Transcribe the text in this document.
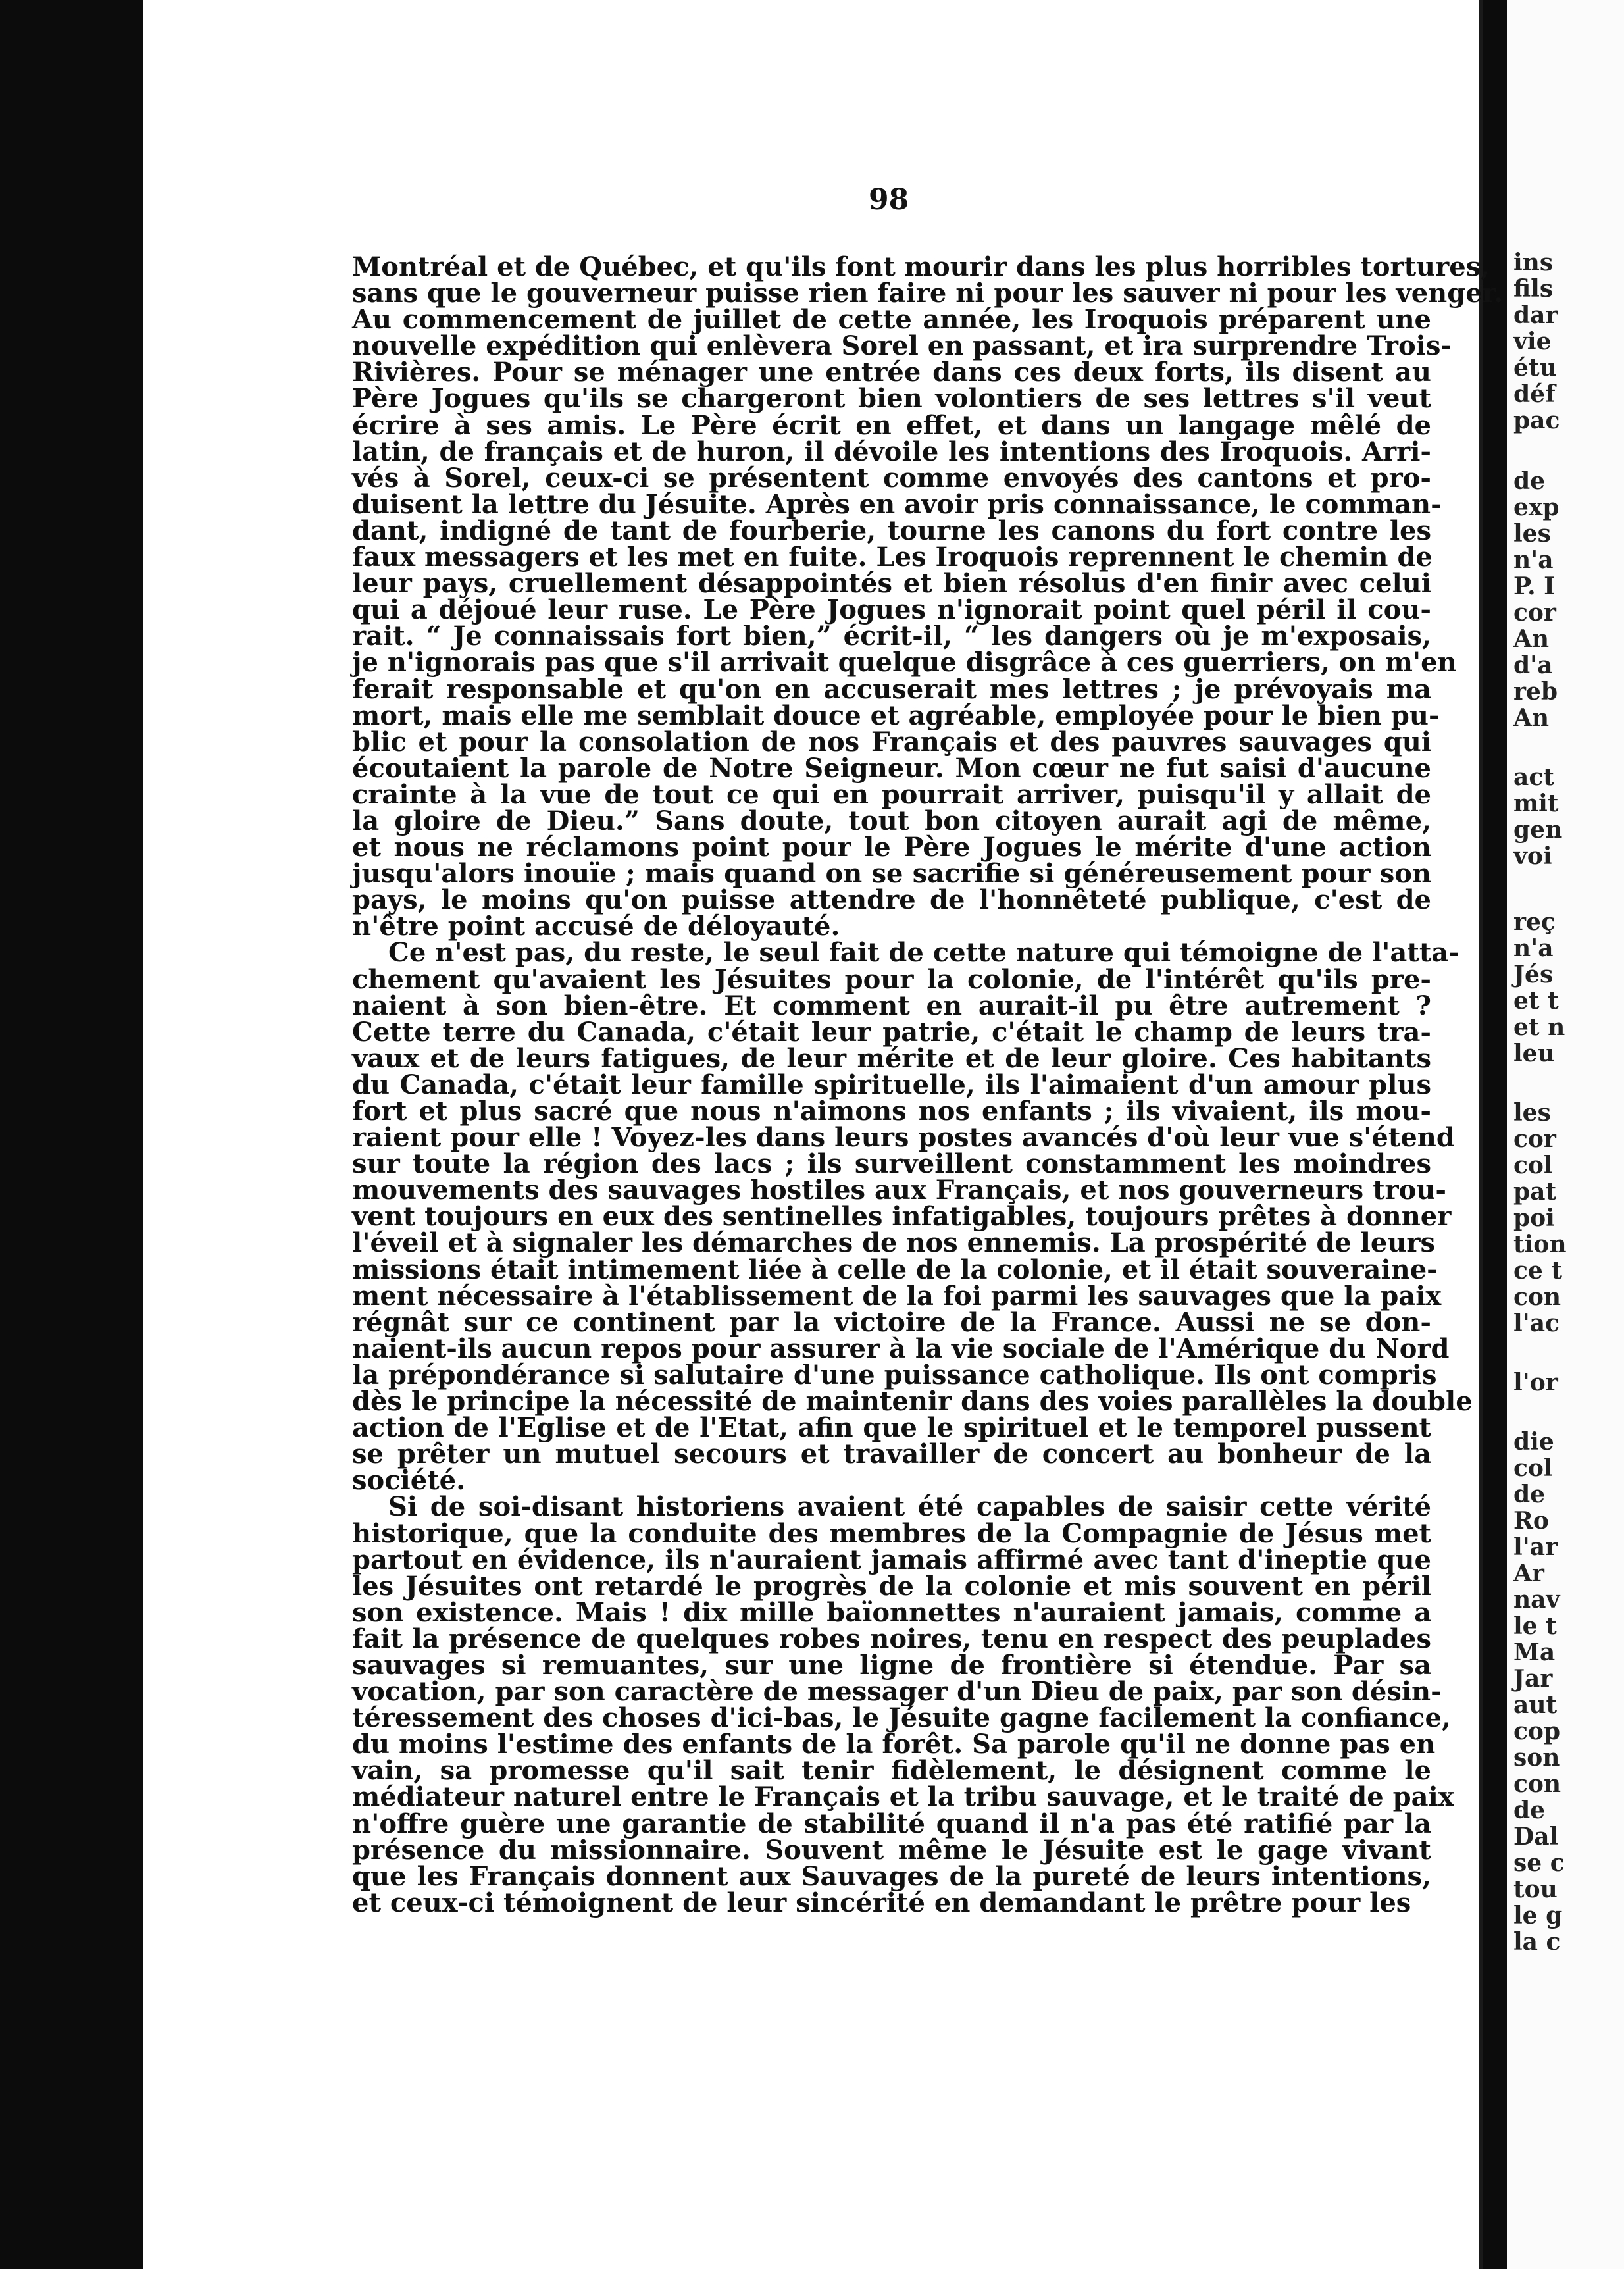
98
Montréal et de Québec, et qu'ils font mourir dans les plus horribles tortures,
sans que le gouverneur puisse rien faire ni pour les sauver ni pour les venger.
Au commencement de juillet de cette année, les Iroquois préparent une
nouvelle expédition qui enlèvera Sorel en passant, et ira surprendre Trois-
Rivières. Pour se ménager une entrée dans ces deux forts, ils disent au
Père Jogues qu'ils se chargeront bien volontiers de ses lettres s'il veut
écrire à ses amis. Le Père écrit en effet, et dans un langage mêlé de
latin, de français et de huron, il dévoile les intentions des Iroquois. Arri-
vés à Sorel, ceux-ci se présentent comme envoyés des cantons et pro-
duisent la lettre du Jésuite. Après en avoir pris connaissance, le comman-
dant, indigné de tant de fourberie, tourne les canons du fort contre les
faux messagers et les met en fuite. Les Iroquois reprennent le chemin de
leur pays, cruellement désappointés et bien résolus d'en finir avec celui
qui a déjoué leur ruse. Le Père Jogues n'ignorait point quel péril il cou-
rait. “ Je connaissais fort bien,” écrit-il, “ les dangers où je m'exposais,
je n'ignorais pas que s'il arrivait quelque disgrâce à ces guerriers, on m'en
ferait responsable et qu'on en accuserait mes lettres ; je prévoyais ma
mort, mais elle me semblait douce et agréable, employée pour le bien pu-
blic et pour la consolation de nos Français et des pauvres sauvages qui
écoutaient la parole de Notre Seigneur. Mon cœur ne fut saisi d'aucune
crainte à la vue de tout ce qui en pourrait arriver, puisqu'il y allait de
la gloire de Dieu.” Sans doute, tout bon citoyen aurait agi de même,
et nous ne réclamons point pour le Père Jogues le mérite d'une action
jusqu'alors inouïe ; mais quand on se sacrifie si généreusement pour son
pays, le moins qu'on puisse attendre de l'honnêteté publique, c'est de
n'être point accusé de déloyauté.
Ce n'est pas, du reste, le seul fait de cette nature qui témoigne de l'atta-
chement qu'avaient les Jésuites pour la colonie, de l'intérêt qu'ils pre-
naient à son bien-être. Et comment en aurait-il pu être autrement ?
Cette terre du Canada, c'était leur patrie, c'était le champ de leurs tra-
vaux et de leurs fatigues, de leur mérite et de leur gloire. Ces habitants
du Canada, c'était leur famille spirituelle, ils l'aimaient d'un amour plus
fort et plus sacré que nous n'aimons nos enfants ; ils vivaient, ils mou-
raient pour elle ! Voyez-les dans leurs postes avancés d'où leur vue s'étend
sur toute la région des lacs ; ils surveillent constamment les moindres
mouvements des sauvages hostiles aux Français, et nos gouverneurs trou-
vent toujours en eux des sentinelles infatigables, toujours prêtes à donner
l'éveil et à signaler les démarches de nos ennemis. La prospérité de leurs
missions était intimement liée à celle de la colonie, et il était souveraine-
ment nécessaire à l'établissement de la foi parmi les sauvages que la paix
régnât sur ce continent par la victoire de la France. Aussi ne se don-
naient-ils aucun repos pour assurer à la vie sociale de l'Amérique du Nord
la prépondérance si salutaire d'une puissance catholique. Ils ont compris
dès le principe la nécessité de maintenir dans des voies parallèles la double
action de l'Eglise et de l'Etat, afin que le spirituel et le temporel pussent
se prêter un mutuel secours et travailler de concert au bonheur de la
société.
Si de soi-disant historiens avaient été capables de saisir cette vérité
historique, que la conduite des membres de la Compagnie de Jésus met
partout en évidence, ils n'auraient jamais affirmé avec tant d'ineptie que
les Jésuites ont retardé le progrès de la colonie et mis souvent en péril
son existence. Mais ! dix mille baïonnettes n'auraient jamais, comme a
fait la présence de quelques robes noires, tenu en respect des peuplades
sauvages si remuantes, sur une ligne de frontière si étendue. Par sa
vocation, par son caractère de messager d'un Dieu de paix, par son désin-
téressement des choses d'ici-bas, le Jésuite gagne facilement la confiance,
du moins l'estime des enfants de la forêt. Sa parole qu'il ne donne pas en
vain, sa promesse qu'il sait tenir fidèlement, le désignent comme le
médiateur naturel entre le Français et la tribu sauvage, et le traité de paix
n'offre guère une garantie de stabilité quand il n'a pas été ratifié par la
présence du missionnaire. Souvent même le Jésuite est le gage vivant
que les Français donnent aux Sauvages de la pureté de leurs intentions,
et ceux-ci témoignent de leur sincérité en demandant le prêtre pour les
ins
fils
dar
vie
étu
déf
pac
de
exp
les
n'a
P. I
cor
An
d'a
reb
An
act
mit
gen
voi
reç
n'a
Jés
et t
et n
leu
les
cor
col
pat
poi
tion
ce t
con
l'ac
l'or
die
col
de
Ro
l'ar
Ar
nav
le t
Ma
Jar
aut
cop
son
con
de
Dal
se c
tou
le g
la c
